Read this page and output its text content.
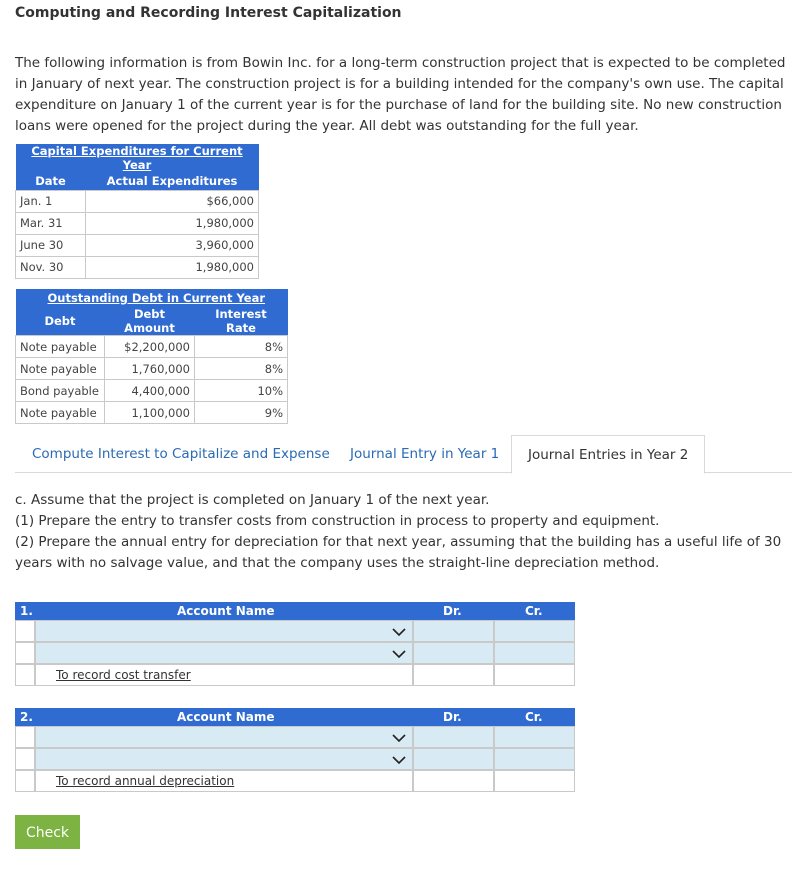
Computing and Recording Interest Capitalization
The following information is from Bowin Inc. for a long-term construction project that is expected to be completed in January of next year. The construction project is for a building intended for the company's own use. The capital expenditure on January 1 of the current year is for the purchase of land for the building site. No new construction loans were opened for the project during the year. All debt was outstanding for the full year.
Capital Expenditures for Current Year	
Date	Actual Expenditures
Jan. 1	$66,000
Mar. 31	1,980,000
June 30	3,960,000
Nov. 30	1,980,000
Outstanding Debt in Current Year		
Debt	Debt Amount	Interest Rate
Note payable	$2,200,000	8%
Note payable	1,760,000	8%
Bond payable	4,400,000	10%
Note payable	1,100,000	9%
Compute Interest to Capitalize and Expense Journal Entry in Year 1	Journal Entries in Year 2
c. Assume that the project is completed on January 1 of the next year.
(1) Prepare the entry to transfer costs from construction in process to property and equipment.
(2) Prepare the annual entry for depreciation for that next year, assuming that the building has a useful life of 30 years with no salvage value, and that the company uses the straight-line depreciation method.
1.	Account Name	Dr.	Cr.
To record cost transfer
2.	Account Name	Dr.	Cr.
To record annual depreciation
Check
